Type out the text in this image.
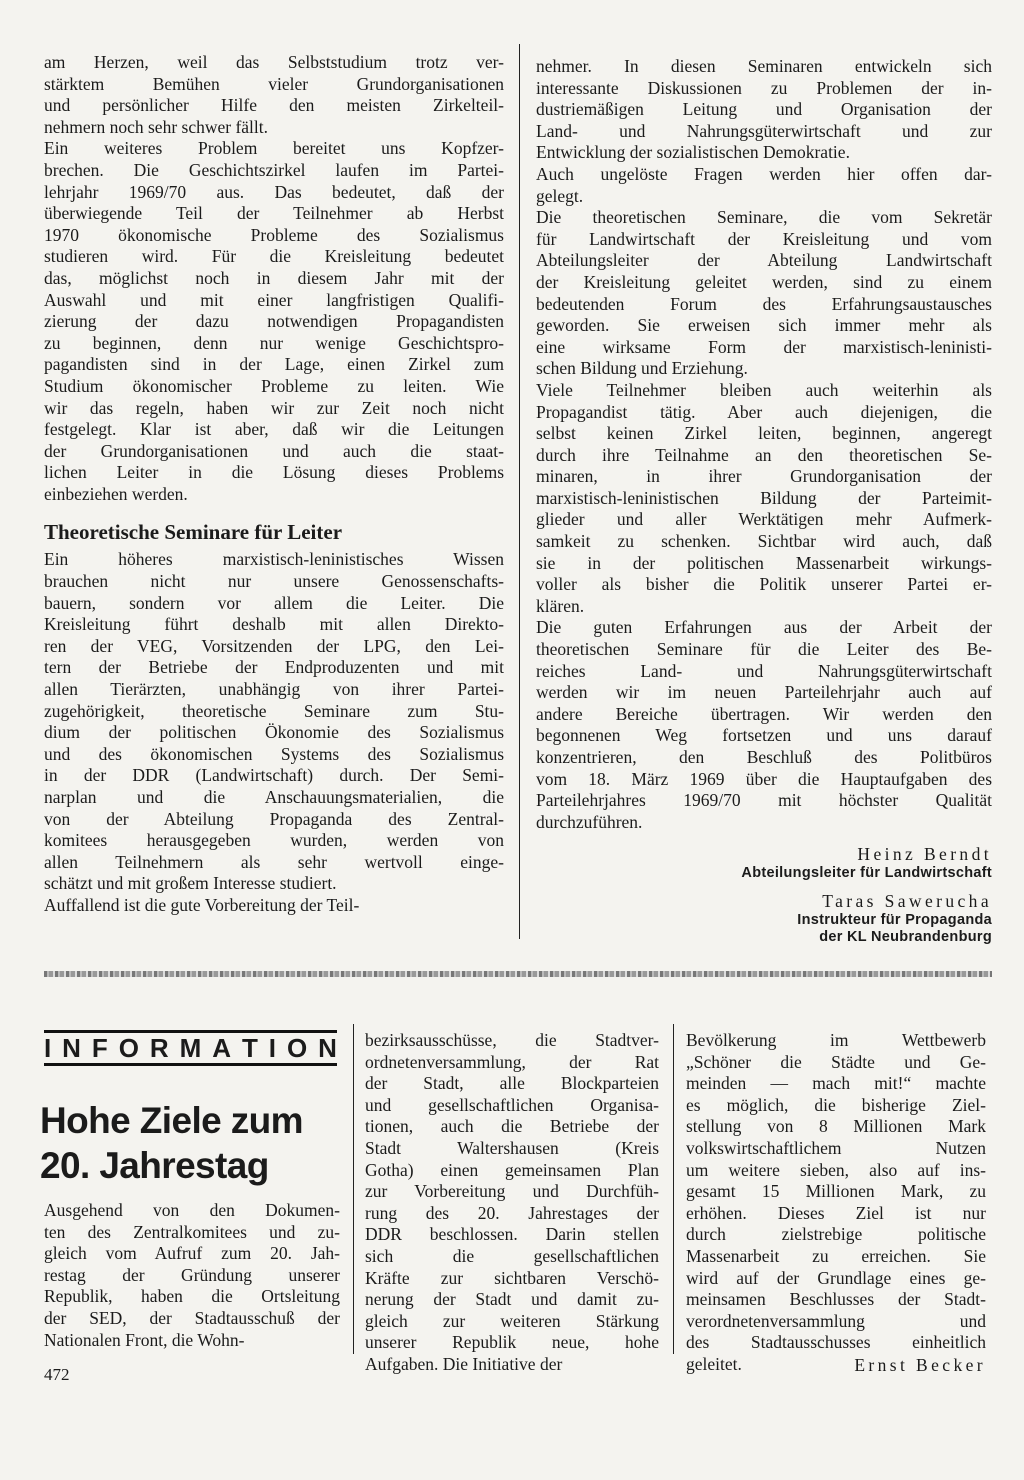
am Herzen, weil das Selbststudium trotz ver-

stärktem Bemühen vieler Grundorganisationen

und persönlicher Hilfe den meisten Zirkelteil-

nehmern noch sehr schwer fällt.

Ein weiteres Problem bereitet uns Kopfzer-

brechen. Die Geschichtszirkel laufen im Partei-

lehrjahr 1969/70 aus. Das bedeutet, daß der

überwiegende Teil der Teilnehmer ab Herbst

1970 ökonomische Probleme des Sozialismus

studieren wird. Für die Kreisleitung bedeutet

das, möglichst noch in diesem Jahr mit der

Auswahl und mit einer langfristigen Qualifi-

zierung der dazu notwendigen Propagandisten

zu beginnen, denn nur wenige Geschichtspro-

pagandisten sind in der Lage, einen Zirkel zum

Studium ökonomischer Probleme zu leiten. Wie

wir das regeln, haben wir zur Zeit noch nicht

festgelegt. Klar ist aber, daß wir die Leitungen

der Grundorganisationen und auch die staat-

lichen Leiter in die Lösung dieses Problems

einbeziehen werden.

Theoretische Seminare für Leiter

Ein höheres marxistisch-leninistisches Wissen

brauchen nicht nur unsere Genossenschafts-

bauern, sondern vor allem die Leiter. Die

Kreisleitung führt deshalb mit allen Direkto-

ren der VEG, Vorsitzenden der LPG, den Lei-

tern der Betriebe der Endproduzenten und mit

allen Tierärzten, unabhängig von ihrer Partei-

zugehörigkeit, theoretische Seminare zum Stu-

dium der politischen Ökonomie des Sozialismus

und des ökonomischen Systems des Sozialismus

in der DDR (Landwirtschaft) durch. Der Semi-

narplan und die Anschauungsmaterialien, die

von der Abteilung Propaganda des Zentral-

komitees herausgegeben wurden, werden von

allen Teilnehmern als sehr wertvoll einge-

schätzt und mit großem Interesse studiert.

Auffallend ist die gute Vorbereitung der Teil-

nehmer. In diesen Seminaren entwickeln sich

interessante Diskussionen zu Problemen der in-

dustriemäßigen Leitung und Organisation der

Land- und Nahrungsgüterwirtschaft und zur

Entwicklung der sozialistischen Demokratie.

Auch ungelöste Fragen werden hier offen dar-

gelegt.

Die theoretischen Seminare, die vom Sekretär

für Landwirtschaft der Kreisleitung und vom

Abteilungsleiter der Abteilung Landwirtschaft

der Kreisleitung geleitet werden, sind zu einem

bedeutenden Forum des Erfahrungsaustausches

geworden. Sie erweisen sich immer mehr als

eine wirksame Form der marxistisch-leninisti-

schen Bildung und Erziehung.

Viele Teilnehmer bleiben auch weiterhin als

Propagandist tätig. Aber auch diejenigen, die

selbst keinen Zirkel leiten, beginnen, angeregt

durch ihre Teilnahme an den theoretischen Se-

minaren, in ihrer Grundorganisation der

marxistisch-leninistischen Bildung der Parteimit-

glieder und aller Werktätigen mehr Aufmerk-

samkeit zu schenken. Sichtbar wird auch, daß

sie in der politischen Massenarbeit wirkungs-

voller als bisher die Politik unserer Partei er-

klären.

Die guten Erfahrungen aus der Arbeit der

theoretischen Seminare für die Leiter des Be-

reiches Land- und Nahrungsgüterwirtschaft

werden wir im neuen Parteilehrjahr auch auf

andere Bereiche übertragen. Wir werden den

begonnenen Weg fortsetzen und uns darauf

konzentrieren, den Beschluß des Politbüros

vom 18. März 1969 über die Hauptaufgaben des

Parteilehrjahres 1969/70 mit höchster Qualität

durchzuführen.

Heinz Berndt
Abteilungsleiter für Landwirtschaft
Taras Sawerucha
Instrukteur für Propaganda
der KL Neubrandenburg
I N F O R M A T I O N
Hohe Ziele zum
20. Jahrestag

Ausgehend von den Dokumen-

ten des Zentralkomitees und zu-

gleich vom Aufruf zum 20. Jah-

restag der Gründung unserer

Republik, haben die Ortsleitung

der SED, der Stadtausschuß der

Nationalen Front, die Wohn-

bezirksausschüsse, die Stadtver-

ordnetenversammlung, der Rat

der Stadt, alle Blockparteien

und gesellschaftlichen Organisa-

tionen, auch die Betriebe der

Stadt Waltershausen (Kreis

Gotha) einen gemeinsamen Plan

zur Vorbereitung und Durchfüh-

rung des 20. Jahrestages der

DDR beschlossen. Darin stellen

sich die gesellschaftlichen

Kräfte zur sichtbaren Verschö-

nerung der Stadt und damit zu-

gleich zur weiteren Stärkung

unserer Republik neue, hohe

Aufgaben. Die Initiative der

Bevölkerung im Wettbewerb

„Schöner die Städte und Ge-

meinden — mach mit!“ machte

es möglich, die bisherige Ziel-

stellung von 8 Millionen Mark

volkswirtschaftlichem Nutzen

um weitere sieben, also auf ins-

gesamt 15 Millionen Mark, zu

erhöhen. Dieses Ziel ist nur

durch zielstrebige politische

Massenarbeit zu erreichen. Sie

wird auf der Grundlage eines ge-

meinsamen Beschlusses der Stadt-

verordnetenversammlung und

des Stadtausschusses einheitlich

geleitet.	Ernst Becker
472
